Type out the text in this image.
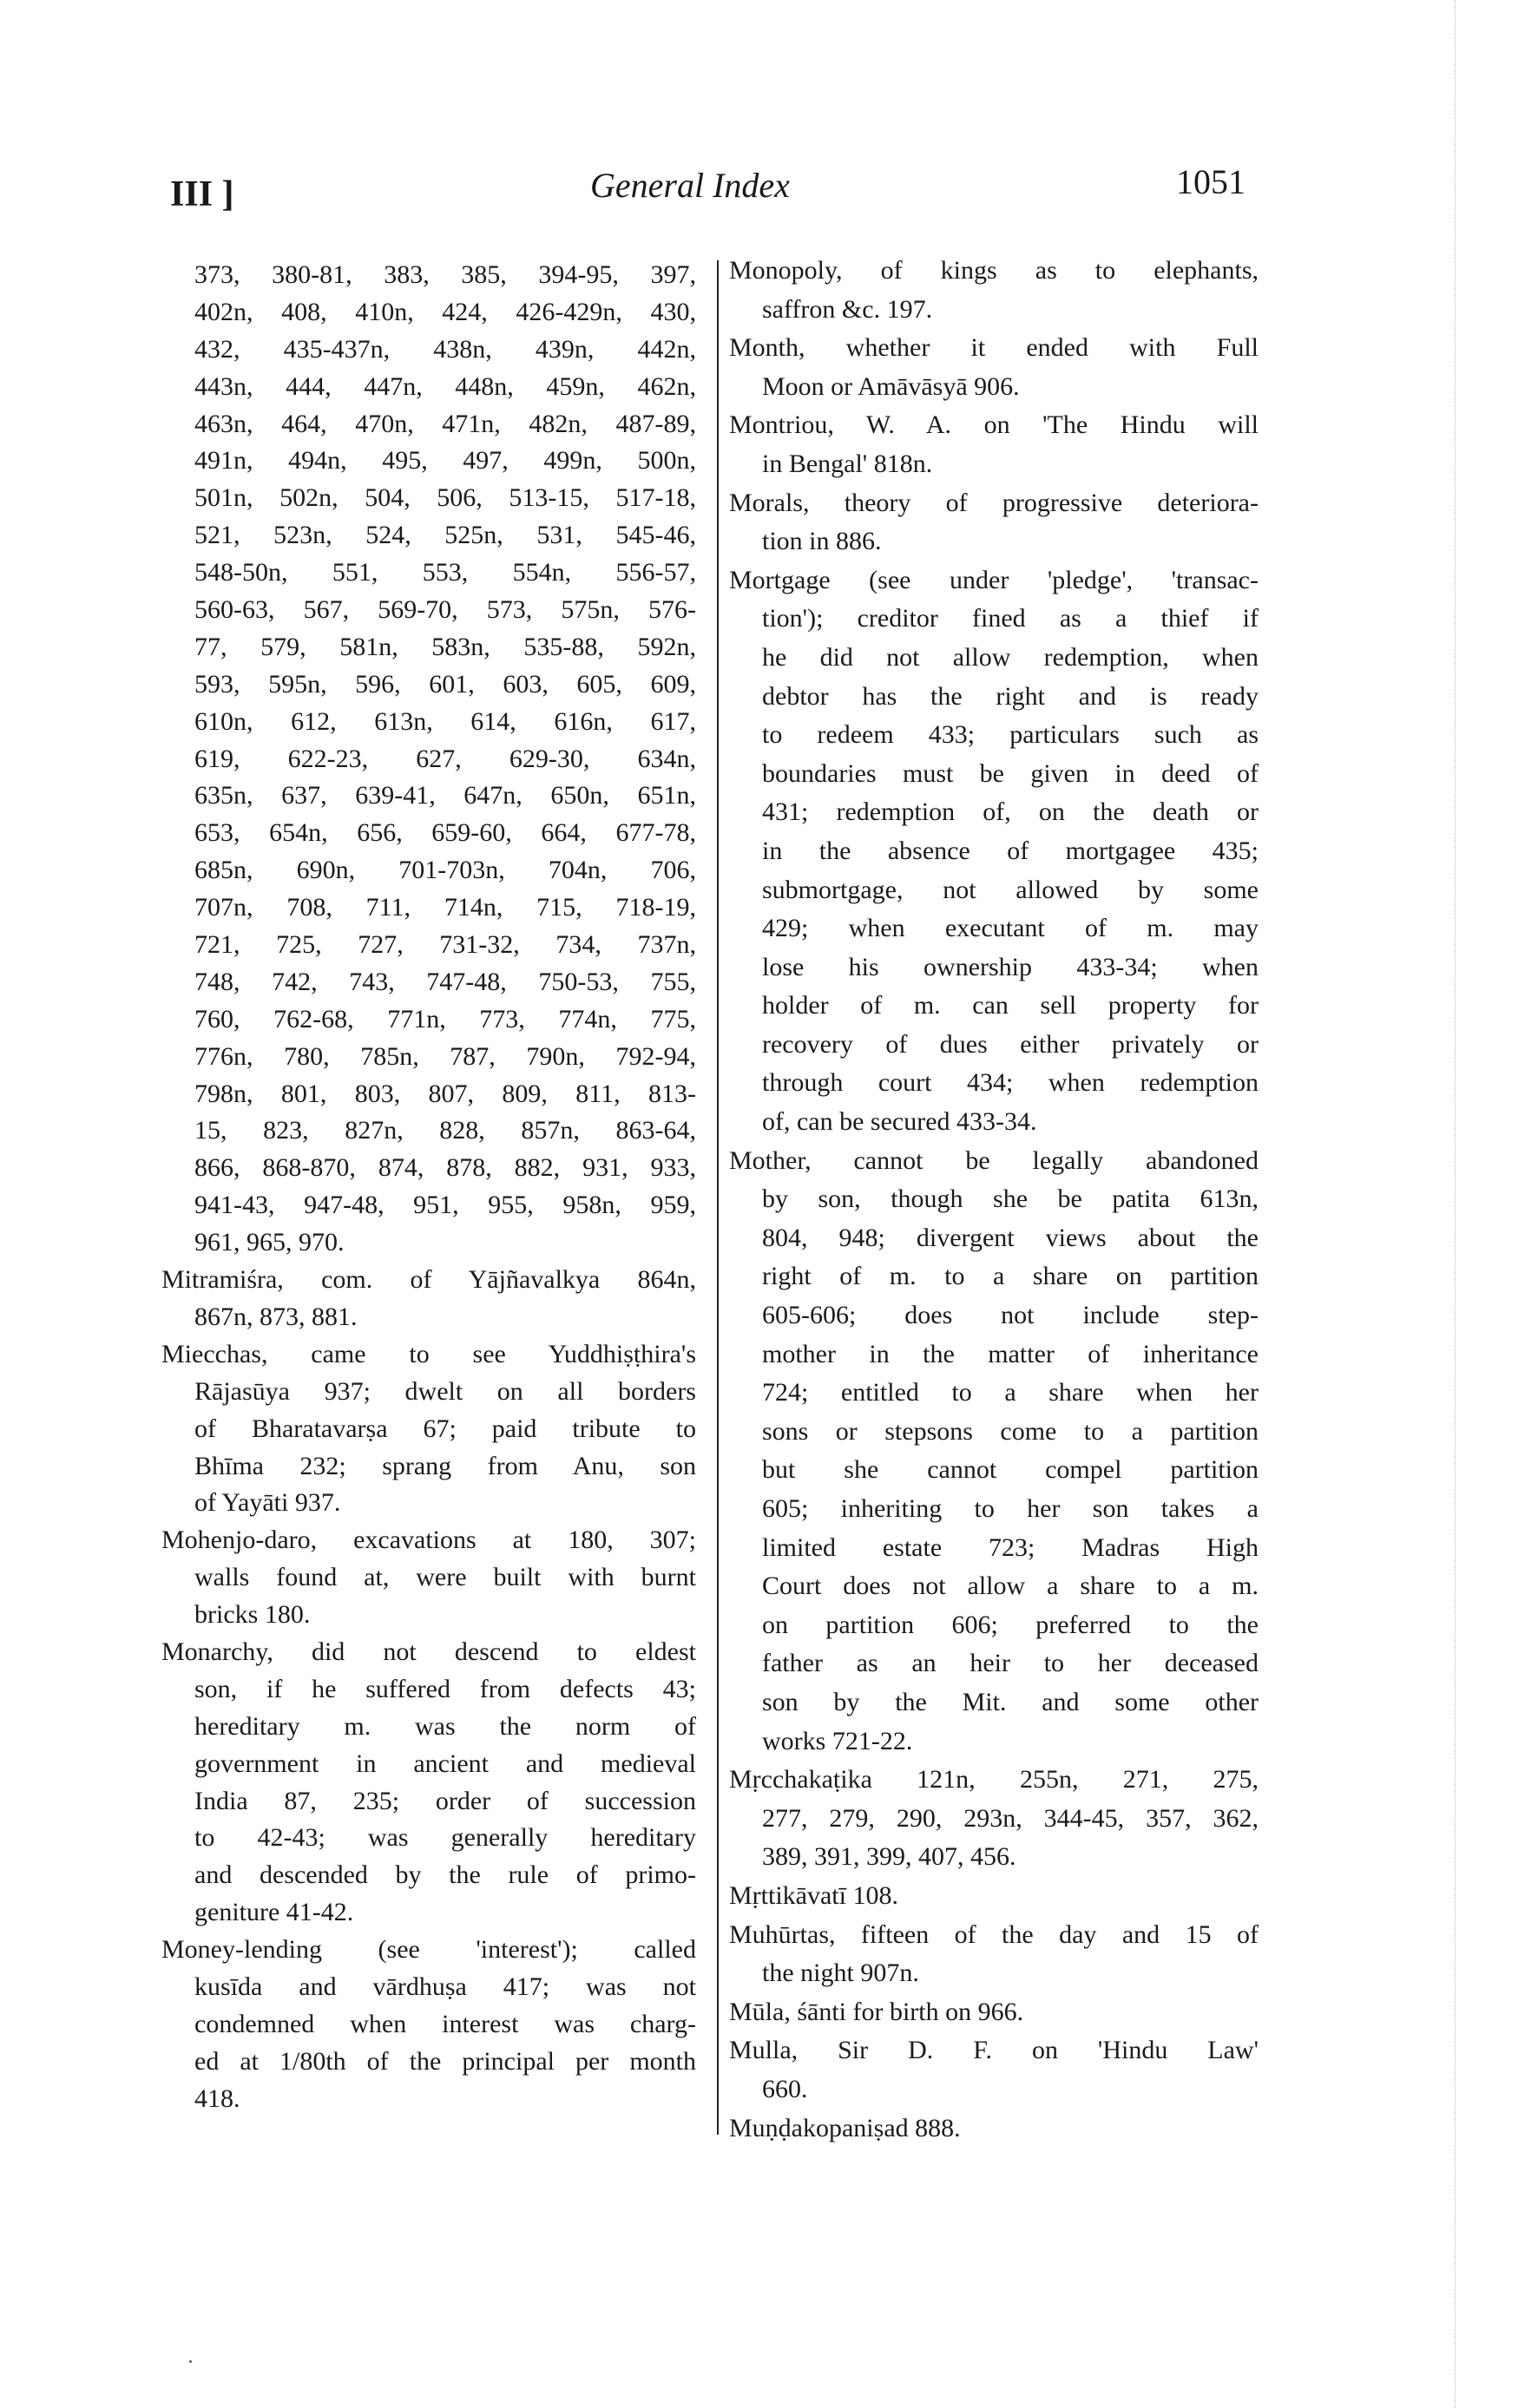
III ]	General Index	1051
373, 380-81, 383, 385, 394-95, 397,
402n, 408, 410n, 424, 426-429n, 430,
432, 435-437n, 438n, 439n, 442n,
443n, 444, 447n, 448n, 459n, 462n,
463n, 464, 470n, 471n, 482n, 487-89,
491n, 494n, 495, 497, 499n, 500n,
501n, 502n, 504, 506, 513-15, 517-18,
521, 523n, 524, 525n, 531, 545-46,
548-50n, 551, 553, 554n, 556-57,
560-63, 567, 569-70, 573, 575n, 576-
77, 579, 581n, 583n, 535-88, 592n,
593, 595n, 596, 601, 603, 605, 609,
610n, 612, 613n, 614, 616n, 617,
619, 622-23, 627, 629-30, 634n,
635n, 637, 639-41, 647n, 650n, 651n,
653, 654n, 656, 659-60, 664, 677-78,
685n, 690n, 701-703n, 704n, 706,
707n, 708, 711, 714n, 715, 718-19,
721, 725, 727, 731-32, 734, 737n,
748, 742, 743, 747-48, 750-53, 755,
760, 762-68, 771n, 773, 774n, 775,
776n, 780, 785n, 787, 790n, 792-94,
798n, 801, 803, 807, 809, 811, 813-
15, 823, 827n, 828, 857n, 863-64,
866, 868-870, 874, 878, 882, 931, 933,
941-43, 947-48, 951, 955, 958n, 959,
961, 965, 970.
Mitramiśra, com. of Yājñavalkya 864n,
867n, 873, 881.
Miecchas, came to see Yuddhiṣṭhira's
Rājasūya 937; dwelt on all borders
of Bharatavarṣa 67; paid tribute to
Bhīma 232; sprang from Anu, son
of Yayāti 937.
Mohenjo-daro, excavations at 180, 307;
walls found at, were built with burnt
bricks 180.
Monarchy, did not descend to eldest
son, if he suffered from defects 43;
hereditary m. was the norm of
government in ancient and medieval
India 87, 235; order of succession
to 42-43; was generally hereditary
and descended by the rule of primo-
geniture 41-42.
Money-lending (see 'interest'); called
kusīda and vārdhuṣa 417; was not
condemned when interest was charg-
ed at 1/80th of the principal per month
418.
Monopoly, of kings as to elephants,
saffron &c. 197.
Month, whether it ended with Full
Moon or Amāvāsyā 906.
Montriou, W. A. on 'The Hindu will
in Bengal' 818n.
Morals, theory of progressive deteriora-
tion in 886.
Mortgage (see under 'pledge', 'transac-
tion'); creditor fined as a thief if
he did not allow redemption, when
debtor has the right and is ready
to redeem 433; particulars such as
boundaries must be given in deed of
431; redemption of, on the death or
in the absence of mortgagee 435;
submortgage, not allowed by some
429; when executant of m. may
lose his ownership 433-34; when
holder of m. can sell property for
recovery of dues either privately or
through court 434; when redemption
of, can be secured 433-34.
Mother, cannot be legally abandoned
by son, though she be patita 613n,
804, 948; divergent views about the
right of m. to a share on partition
605-606; does not include step-
mother in the matter of inheritance
724; entitled to a share when her
sons or stepsons come to a partition
but she cannot compel partition
605; inheriting to her son takes a
limited estate 723; Madras High
Court does not allow a share to a m.
on partition 606; preferred to the
father as an heir to her deceased
son by the Mit. and some other
works 721-22.
Mṛcchakaṭika 121n, 255n, 271, 275,
277, 279, 290, 293n, 344-45, 357, 362,
389, 391, 399, 407, 456.
Mṛttikāvatī 108.
Muhūrtas, fifteen of the day and 15 of
the night 907n.
Mūla, śānti for birth on 966.
Mulla, Sir D. F. on 'Hindu Law'
660.
Muṇḍakopaniṣad 888.
